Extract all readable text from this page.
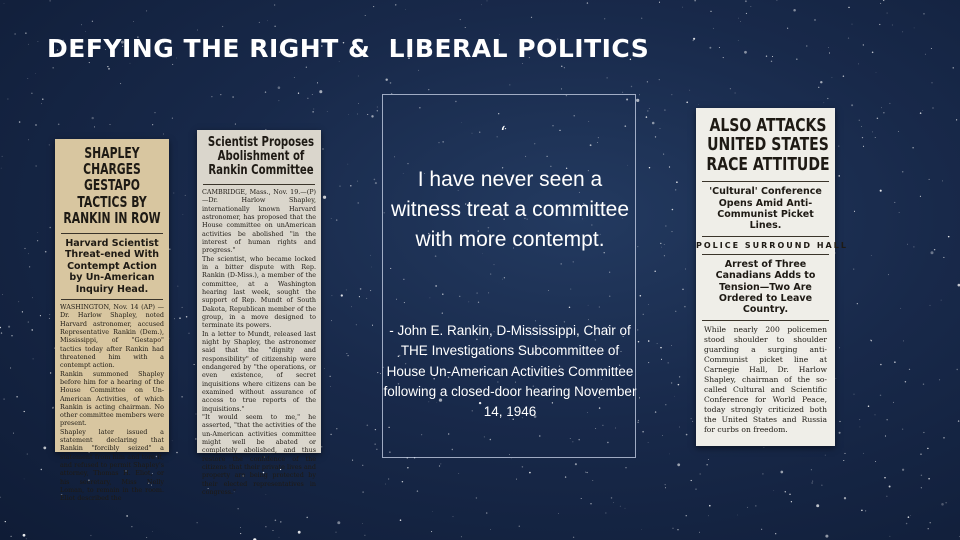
DEFYING THE RIGHT &  LIBERAL POLITICS
SHAPLEY CHARGES GESTAPO TACTICS BY RANKIN IN ROW
Harvard Scientist Threat-ened With Contempt Action by Un-American Inquiry Head.
WASHINGTON, Nov. 14 (AP) —Dr. Harlow Shapley, noted Harvard astronomer, accused Representative Rankin (Dem.), Mississippi, of "Gestapo" tactics today after Rankin had threatened him with a contempt action.
Rankin summoned Shapley before him for a hearing of the House Committee on Un-American Activities, of which Rankin is acting chairman. No other committee members were present.
Shapley later issued a statement declaring that Rankin "forcibly seized" a statement from him and tore it, and refused to permit Shapley's attorney, Thomas H. Eliot, or his secretary, Miss Nelly Loman, to remain in the room. Eliot described the
Scientist Proposes Abolishment of Rankin Committee
CAMBRIDGE, Mass., Nov. 19.—(P) —Dr. Harlow Shapley, internationally known Harvard astronomer, has proposed that the House committee on unAmerican activities be abolished "in the interest of human rights and progress."
The scientist, who became locked in a bitter dispute with Rep. Rankin (D-Miss.), a member of the committee, at a Washington hearing last week, sought the support of Rep. Mundt of South Dakota, Republican member of the group, in a move designed to terminate its powers.
In a letter to Mundt, released last night by Shapley, the astronomer said that the "dignity and responsibility" of citizenship were endangered by "the operations, or even existence, of secret inquisitions where citizens can be examined without assurance of access to true reports of the inquisitions."
"It would seem to me," he asserted, "that the activities of the un-American activities committee might well be abated or completely abolished, and thus restore the confidence of the citizens that their private lives and property are being protected by their elected representatives in congress."
‘

I have never seen a witness treat a committee with more contempt.

- John E. Rankin, D-Mississippi, Chair of THE Investigations Subcommittee of House Un-American Activities Committee following a closed-door hearing November 14, 1946

ALSO ATTACKS UNITED STATES RACE ATTITUDE
'Cultural' Conference Opens Amid Anti-Communist Picket Lines.
POLICE SURROUND HALL
Arrest of Three Canadians Adds to Tension—Two Are Ordered to Leave Country.
While nearly 200 policemen stood shoulder to shoulder guarding a surging anti-Communist picket line at Carnegie Hall, Dr. Harlow Shapley, chairman of the so-called Cultural and Scientific Conference for World Peace, today strongly criticized both the United States and Russia for curbs on freedom.
